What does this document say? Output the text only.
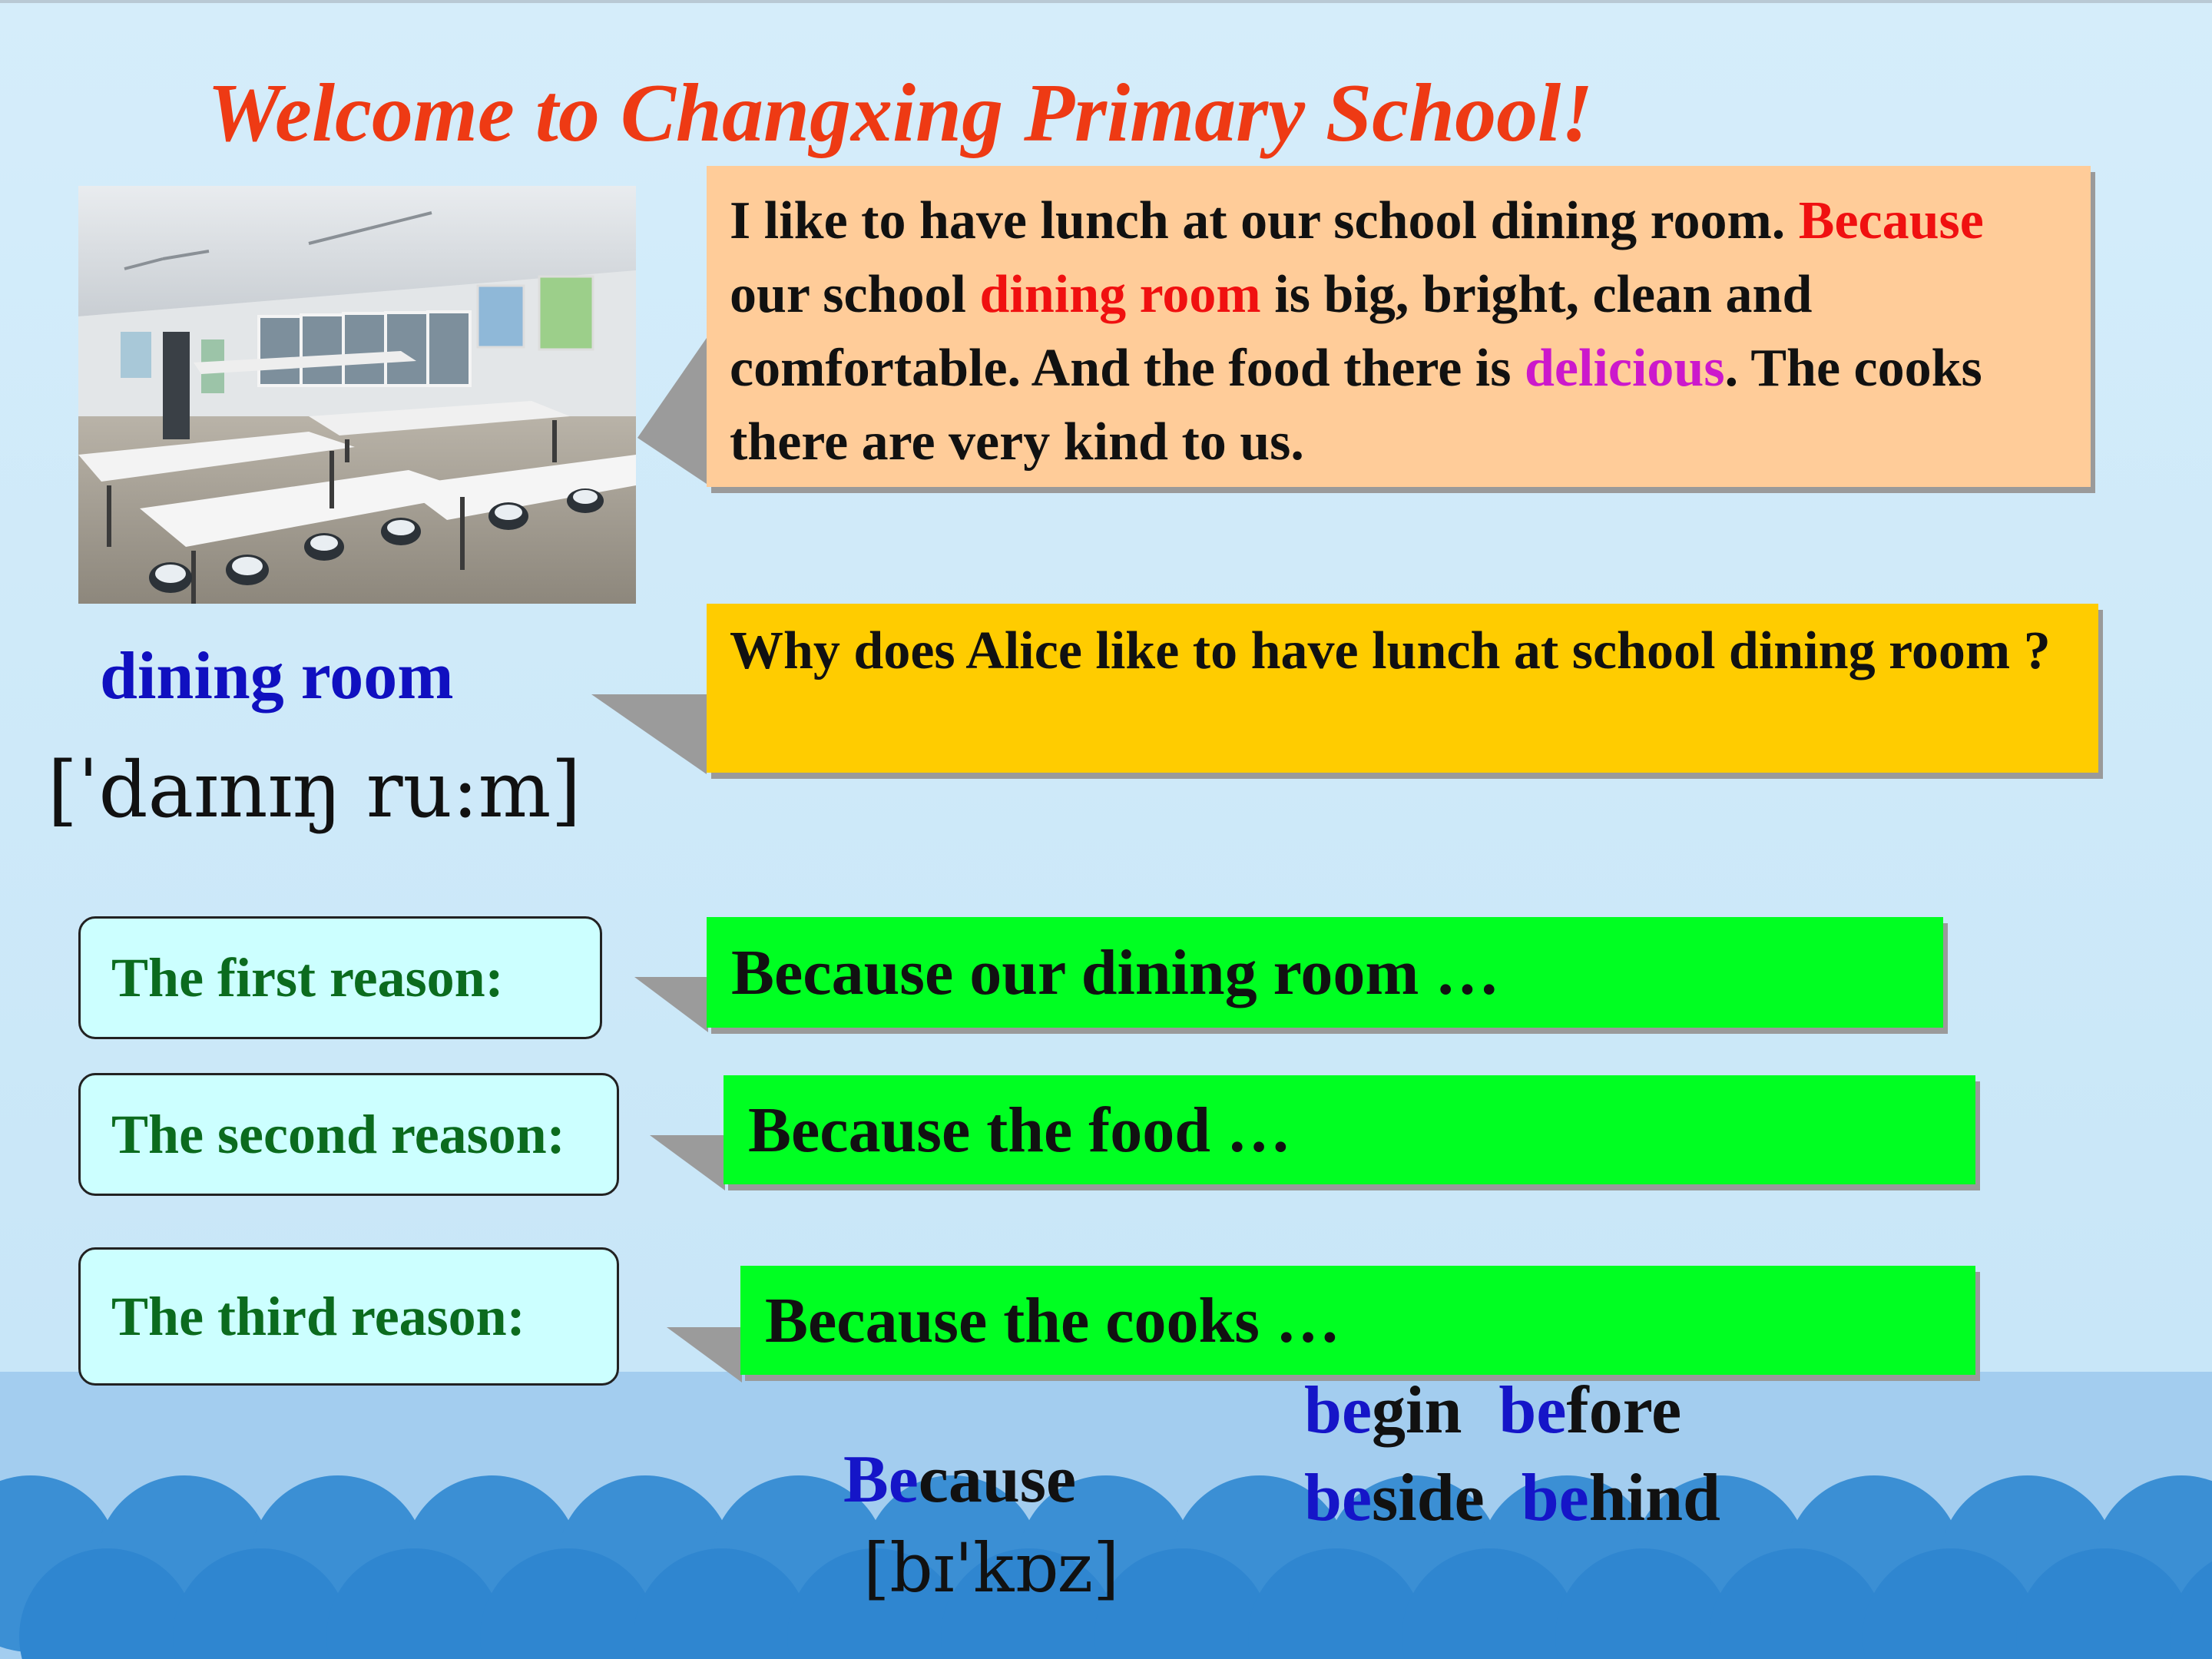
Welcome to Changxing Primary School!
I like to have lunch at our school dining room. Because our school dining room is big, bright, clean and comfortable. And the food there is delicious. The cooks there are very kind to us.
Why does Alice like to have lunch at school dining room ?
dining room
[ˈdaɪnɪŋ ru:m]
The first reason:
The second reason:
The third reason:
Because our dining room …
Because the food …
Because the cooks …
Because
[bɪ'kɒz]
begin before
beside behind
